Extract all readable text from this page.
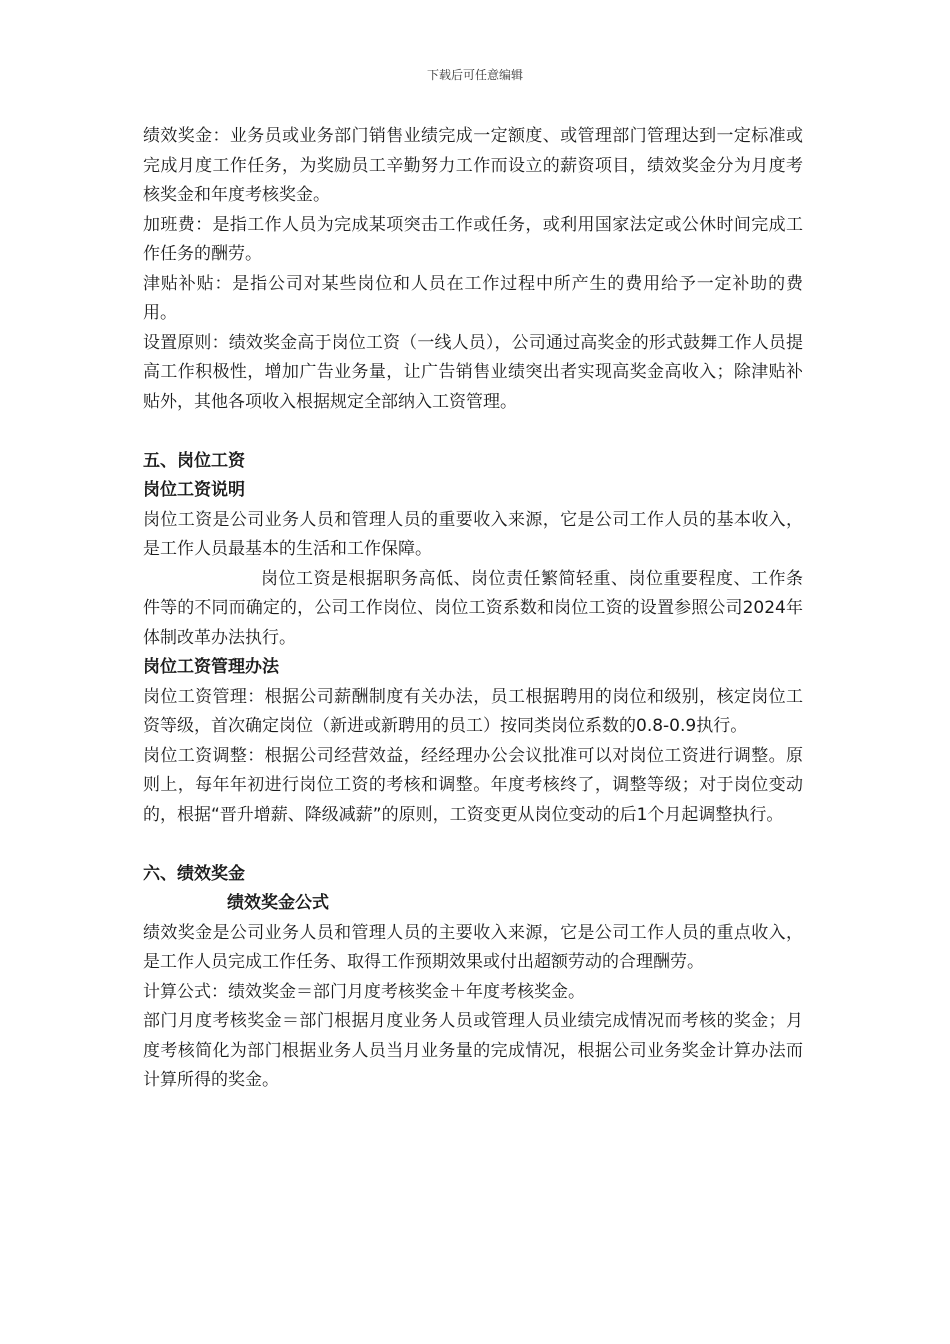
下载后可任意编辑

绩效奖金：业务员或业务部门销售业绩完成一定额度、或管理部门管理达到一定标准或完成月度工作任务，为奖励员工辛勤努力工作而设立的薪资项目，绩效奖金分为月度考核奖金和年度考核奖金。

加班费：是指工作人员为完成某项突击工作或任务，或利用国家法定或公休时间完成工作任务的酬劳。

津贴补贴：是指公司对某些岗位和人员在工作过程中所产生的费用给予一定补助的费用。

设置原则：绩效奖金高于岗位工资（一线人员），公司通过高奖金的形式鼓舞工作人员提高工作积极性，增加广告业务量，让广告销售业绩突出者实现高奖金高收入；除津贴补贴外，其他各项收入根据规定全部纳入工资管理。

五、岗位工资

岗位工资说明

岗位工资是公司业务人员和管理人员的重要收入来源，它是公司工作人员的基本收入，是工作人员最基本的生活和工作保障。

岗位工资是根据职务高低、岗位责任繁简轻重、岗位重要程度、工作条件等的不同而确定的，公司工作岗位、岗位工资系数和岗位工资的设置参照公司2024年体制改革办法执行。

岗位工资管理办法

岗位工资管理：根据公司薪酬制度有关办法，员工根据聘用的岗位和级别，核定岗位工资等级，首次确定岗位（新进或新聘用的员工）按同类岗位系数的0.8-0.9执行。

岗位工资调整：根据公司经营效益，经经理办公会议批准可以对岗位工资进行调整。原则上，每年年初进行岗位工资的考核和调整。年度考核终了，调整等级；对于岗位变动的，根据“晋升增薪、降级减薪”的原则，工资变更从岗位变动的后1个月起调整执行。

六、绩效奖金

绩效奖金公式

绩效奖金是公司业务人员和管理人员的主要收入来源，它是公司工作人员的重点收入，是工作人员完成工作任务、取得工作预期效果或付出超额劳动的合理酬劳。

计算公式：绩效奖金＝部门月度考核奖金＋年度考核奖金。

部门月度考核奖金＝部门根据月度业务人员或管理人员业绩完成情况而考核的奖金；月度考核简化为部门根据业务人员当月业务量的完成情况，根据公司业务奖金计算办法而计算所得的奖金。
